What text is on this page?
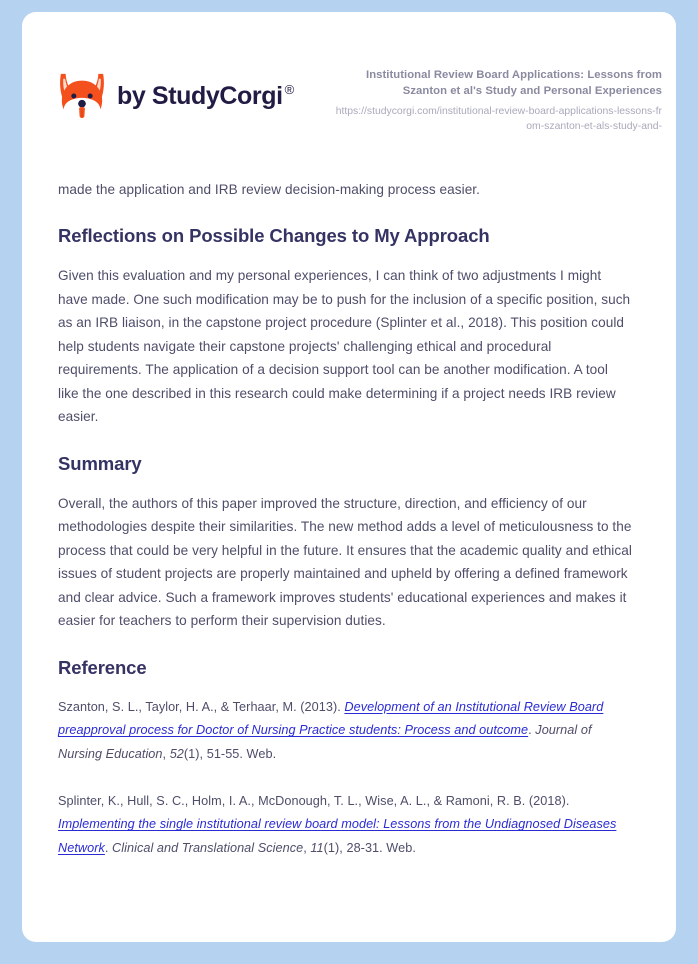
by StudyCorgi ®
Institutional Review Board Applications: Lessons from Szanton et al's Study and Personal Experiences
https://studycorgi.com/institutional-review-board-applications-lessons-from-szanton-et-als-study-and-

made the application and IRB review decision-making process easier.

Reflections on Possible Changes to My Approach

Given this evaluation and my personal experiences, I can think of two adjustments I might have made. One such modification may be to push for the inclusion of a specific position, such as an IRB liaison, in the capstone project procedure (Splinter et al., 2018). This position could help students navigate their capstone projects' challenging ethical and procedural requirements. The application of a decision support tool can be another modification. A tool like the one described in this research could make determining if a project needs IRB review easier.

Summary

Overall, the authors of this paper improved the structure, direction, and efficiency of our methodologies despite their similarities. The new method adds a level of meticulousness to the process that could be very helpful in the future. It ensures that the academic quality and ethical issues of student projects are properly maintained and upheld by offering a defined framework and clear advice. Such a framework improves students' educational experiences and makes it easier for teachers to perform their supervision duties.

Reference
Szanton, S. L., Taylor, H. A., & Terhaar, M. (2013). Development of an Institutional Review Board preapproval process for Doctor of Nursing Practice students: Process and outcome. Journal of Nursing Education, 52(1), 51-55. Web.
Splinter, K., Hull, S. C., Holm, I. A., McDonough, T. L., Wise, A. L., & Ramoni, R. B. (2018). Implementing the single institutional review board model: Lessons from the Undiagnosed Diseases Network. Clinical and Translational Science, 11(1), 28-31. Web.
